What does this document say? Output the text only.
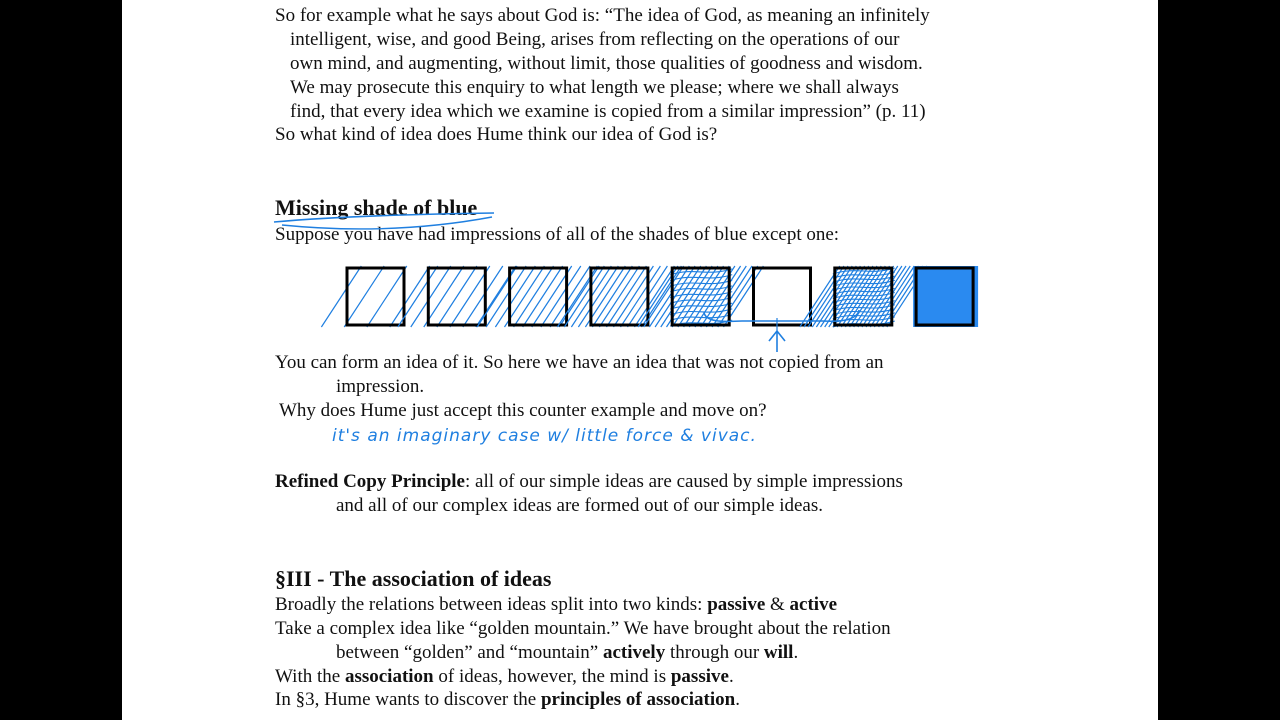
So for example what he says about God is: “The idea of God, as meaning an infinitely
intelligent, wise, and good Being, arises from reflecting on the operations of our
own mind, and augmenting, without limit, those qualities of goodness and wisdom.
We may prosecute this enquiry to what length we please; where we shall always
find, that every idea which we examine is copied from a similar impression” (p. 11)
So what kind of idea does Hume think our idea of God is?
Missing shade of blue
Suppose you have had impressions of all of the shades of blue except one:
You can form an idea of it. So here we have an idea that was not copied from an
impression.
Why does Hume just accept this counter example and move on?
it's an imaginary case w/ little force & vivac.
Refined Copy Principle: all of our simple ideas are caused by simple impressions
and all of our complex ideas are formed out of our simple ideas.
§III - The association of ideas
Broadly the relations between ideas split into two kinds: passive & active
Take a complex idea like “golden mountain.” We have brought about the relation
between “golden” and “mountain” actively through our will.
With the association of ideas, however, the mind is passive.
In §3, Hume wants to discover the principles of association.
